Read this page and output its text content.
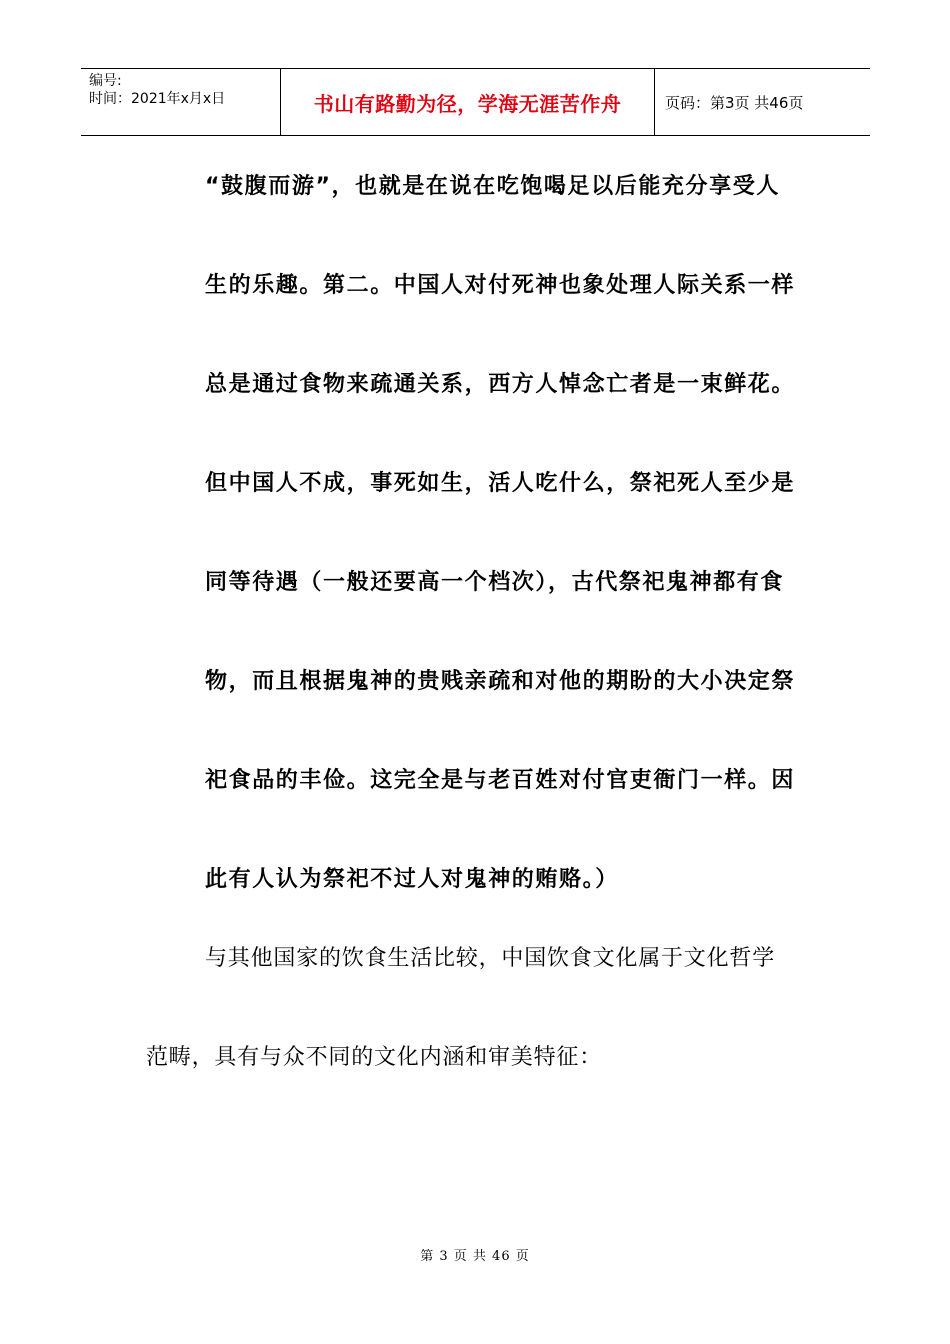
编号:
时间：2021年x月x日	书山有路勤为径，学海无涯苦作舟	页码：第3页 共46页
“鼓腹而游”，也就是在说在吃饱喝足以后能充分享受人
生的乐趣。第二。中国人对付死神也象处理人际关系一样
总是通过食物来疏通关系，西方人悼念亡者是一束鲜花。
但中国人不成，事死如生，活人吃什么，祭祀死人至少是
同等待遇（一般还要高一个档次），古代祭祀鬼神都有食
物，而且根据鬼神的贵贱亲疏和对他的期盼的大小决定祭
祀食品的丰俭。这完全是与老百姓对付官吏衙门一样。因
此有人认为祭祀不过人对鬼神的贿赂。）
与其他国家的饮食生活比较，中国饮食文化属于文化哲学
范畴，具有与众不同的文化内涵和审美特征：
第 3 页 共 46 页
